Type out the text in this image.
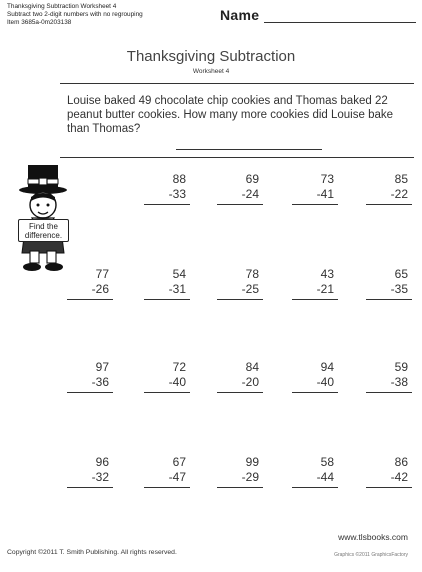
Thanksgiving Subtraction Worksheet 4
Subtract two 2-digit numbers with no regrouping
Item 3685a-0m203138	Name
Thanksgiving Subtraction
Worksheet 4
Louise baked 49 chocolate chip cookies and Thomas baked 22 peanut butter cookies. How many more cookies did Louise bake than Thomas?
Find the
difference.
88
-33
69
-24
73
-41
85
-22
77
-26
54
-31
78
-25
43
-21
65
-35
97
-36
72
-40
84
-20
94
-40
59
-38
96
-32
67
-47
99
-29
58
-44
86
-42
www.tlsbooks.com
Copyright ©2011 T. Smith Publishing. All rights reserved.	Graphics ©2011 GraphicsFactory
